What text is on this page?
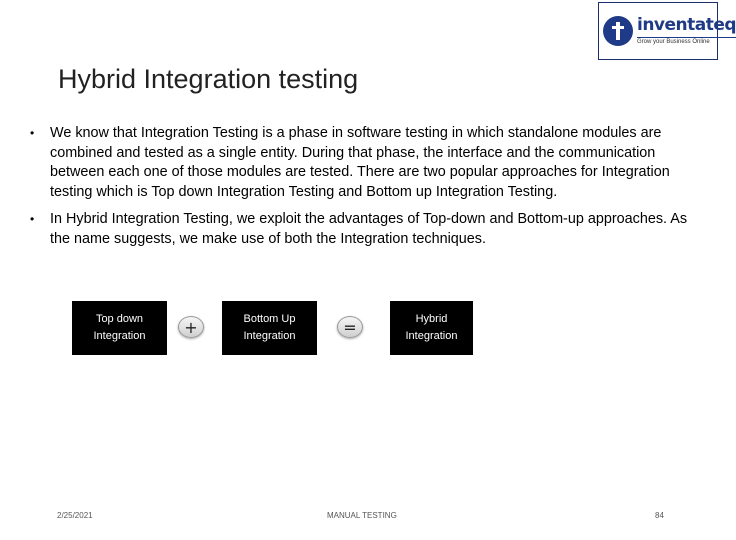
inventateq
Grow your Business Online
Hybrid Integration testing
• We know that Integration Testing is a phase in software testing in which standalone modules are combined and tested as a single entity. During that phase, the interface and the communication between each one of those modules are tested. There are two popular approaches for Integration testing which is Top down Integration Testing and Bottom up Integration Testing.
• In Hybrid Integration Testing, we exploit the advantages of Top-down and Bottom-up approaches. As the name suggests, we make use of both the Integration techniques.
Top down
Integration +	Bottom Up
Integration	=	Hybrid
Integration
2/25/2021	MANUAL TESTING	84
